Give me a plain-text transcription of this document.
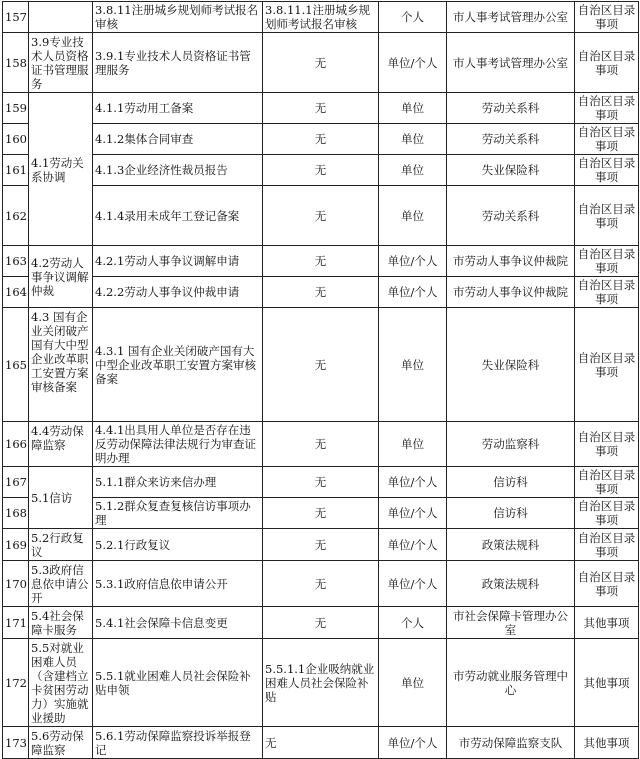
157		3.8.11注册城乡规划师考试报名审核	3.8.11.1注册城乡规划师考试报名审核	个人	市人事考试管理办公室	自治区目录事项
158	3.9专业技术人员资格证书管理服务	3.9.1专业技术人员资格证书管理服务	无	单位/个人	市人事考试管理办公室	自治区目录事项
159	4.1劳动关系协调	4.1.1劳动用工备案	无	单位	劳动关系科	自治区目录事项
160		4.1.2集体合同审查	无	单位	劳动关系科	自治区目录事项
161		4.1.3企业经济性裁员报告	无	单位	失业保险科	自治区目录事项
162		4.1.4录用未成年工登记备案	无	单位	劳动关系科	自治区目录事项
163	4.2劳动人事争议调解仲裁	4.2.1劳动人事争议调解申请	无	单位/个人	市劳动人事争议仲裁院	自治区目录事项
164		4.2.2劳动人事争议仲裁申请	无	单位/个人	市劳动人事争议仲裁院	自治区目录事项
165	4.3 国有企业关闭破产国有大中型企业改革职工安置方案审核备案	4.3.1 国有企业关闭破产国有大中型企业改革职工安置方案审核备案	无	单位	失业保险科	自治区目录事项
166	4.4劳动保障监察	4.4.1出具用人单位是否存在违反劳动保障法律法规行为审查证明办理	无	单位	劳动监察科	自治区目录事项
167	5.1信访	5.1.1群众来访来信办理	无	单位/个人	信访科	自治区目录事项
168		5.1.2群众复查复核信访事项办理	无	单位/个人	信访科	自治区目录事项
169	5.2行政复议	5.2.1行政复议	无	单位/个人	政策法规科	自治区目录事项
170	5.3政府信息依申请公开	5.3.1政府信息依申请公开	无	单位/个人	政策法规科	自治区目录事项
171	5.4社会保障卡服务	5.4.1社会保障卡信息变更	无	个人	市社会保障卡管理办公室	其他事项
172	5.5对就业困难人员（含建档立卡贫困劳动力）实施就业援助	5.5.1就业困难人员社会保险补贴申领	5.5.1.1企业吸纳就业困难人员社会保险补贴	单位	市劳动就业服务管理中心	其他事项
173	5.6劳动保障监察	5.6.1劳动保障监察投诉举报登记	无	单位/个人	市劳动保障监察支队	其他事项
